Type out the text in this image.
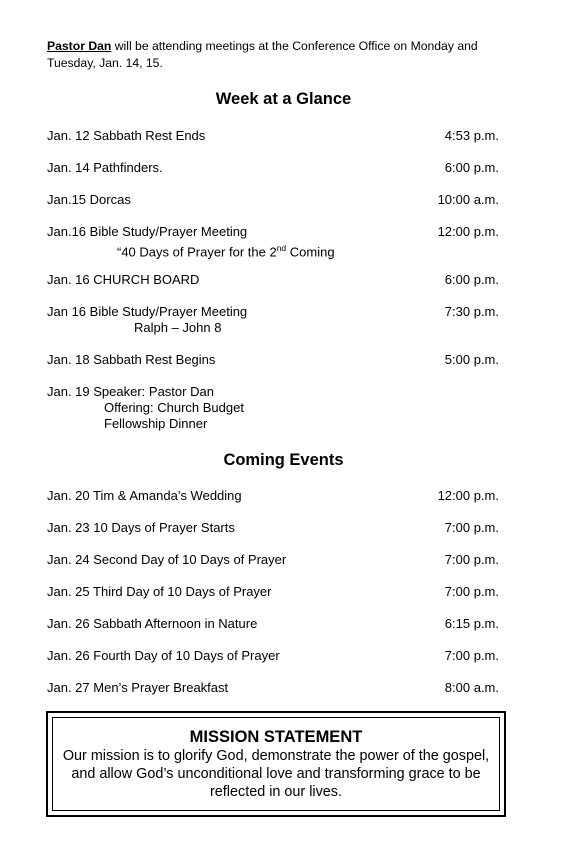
Pastor Dan will be attending meetings at the Conference Office on Monday and Tuesday, Jan. 14, 15.
Week at a Glance
Jan. 12 Sabbath Rest Ends	4:53 p.m.
Jan. 14 Pathfinders.	6:00 p.m.
Jan.15 Dorcas	10:00 a.m.
Jan.16 Bible Study/Prayer Meeting	12:00 p.m.
“40 Days of Prayer for the 2nd Coming
Jan. 16 CHURCH BOARD	6:00 p.m.
Jan 16 Bible Study/Prayer Meeting	7:30 p.m.
Ralph – John 8
Jan. 18 Sabbath Rest Begins	5:00 p.m.
Jan. 19 Speaker: Pastor Dan
Offering: Church Budget
Fellowship Dinner
Coming Events
Jan. 20 Tim & Amanda’s Wedding	12:00 p.m.
Jan. 23 10 Days of Prayer Starts	7:00 p.m.
Jan. 24 Second Day of 10 Days of Prayer	7:00 p.m.
Jan. 25 Third Day of 10 Days of Prayer	7:00 p.m.
Jan. 26 Sabbath Afternoon in Nature	6:15 p.m.
Jan. 26 Fourth Day of 10 Days of Prayer	7:00 p.m.
Jan. 27 Men’s Prayer Breakfast	8:00 a.m.
MISSION STATEMENT
Our mission is to glorify God, demonstrate the power of the gospel, and allow God’s unconditional love and transforming grace to be reflected in our lives.
